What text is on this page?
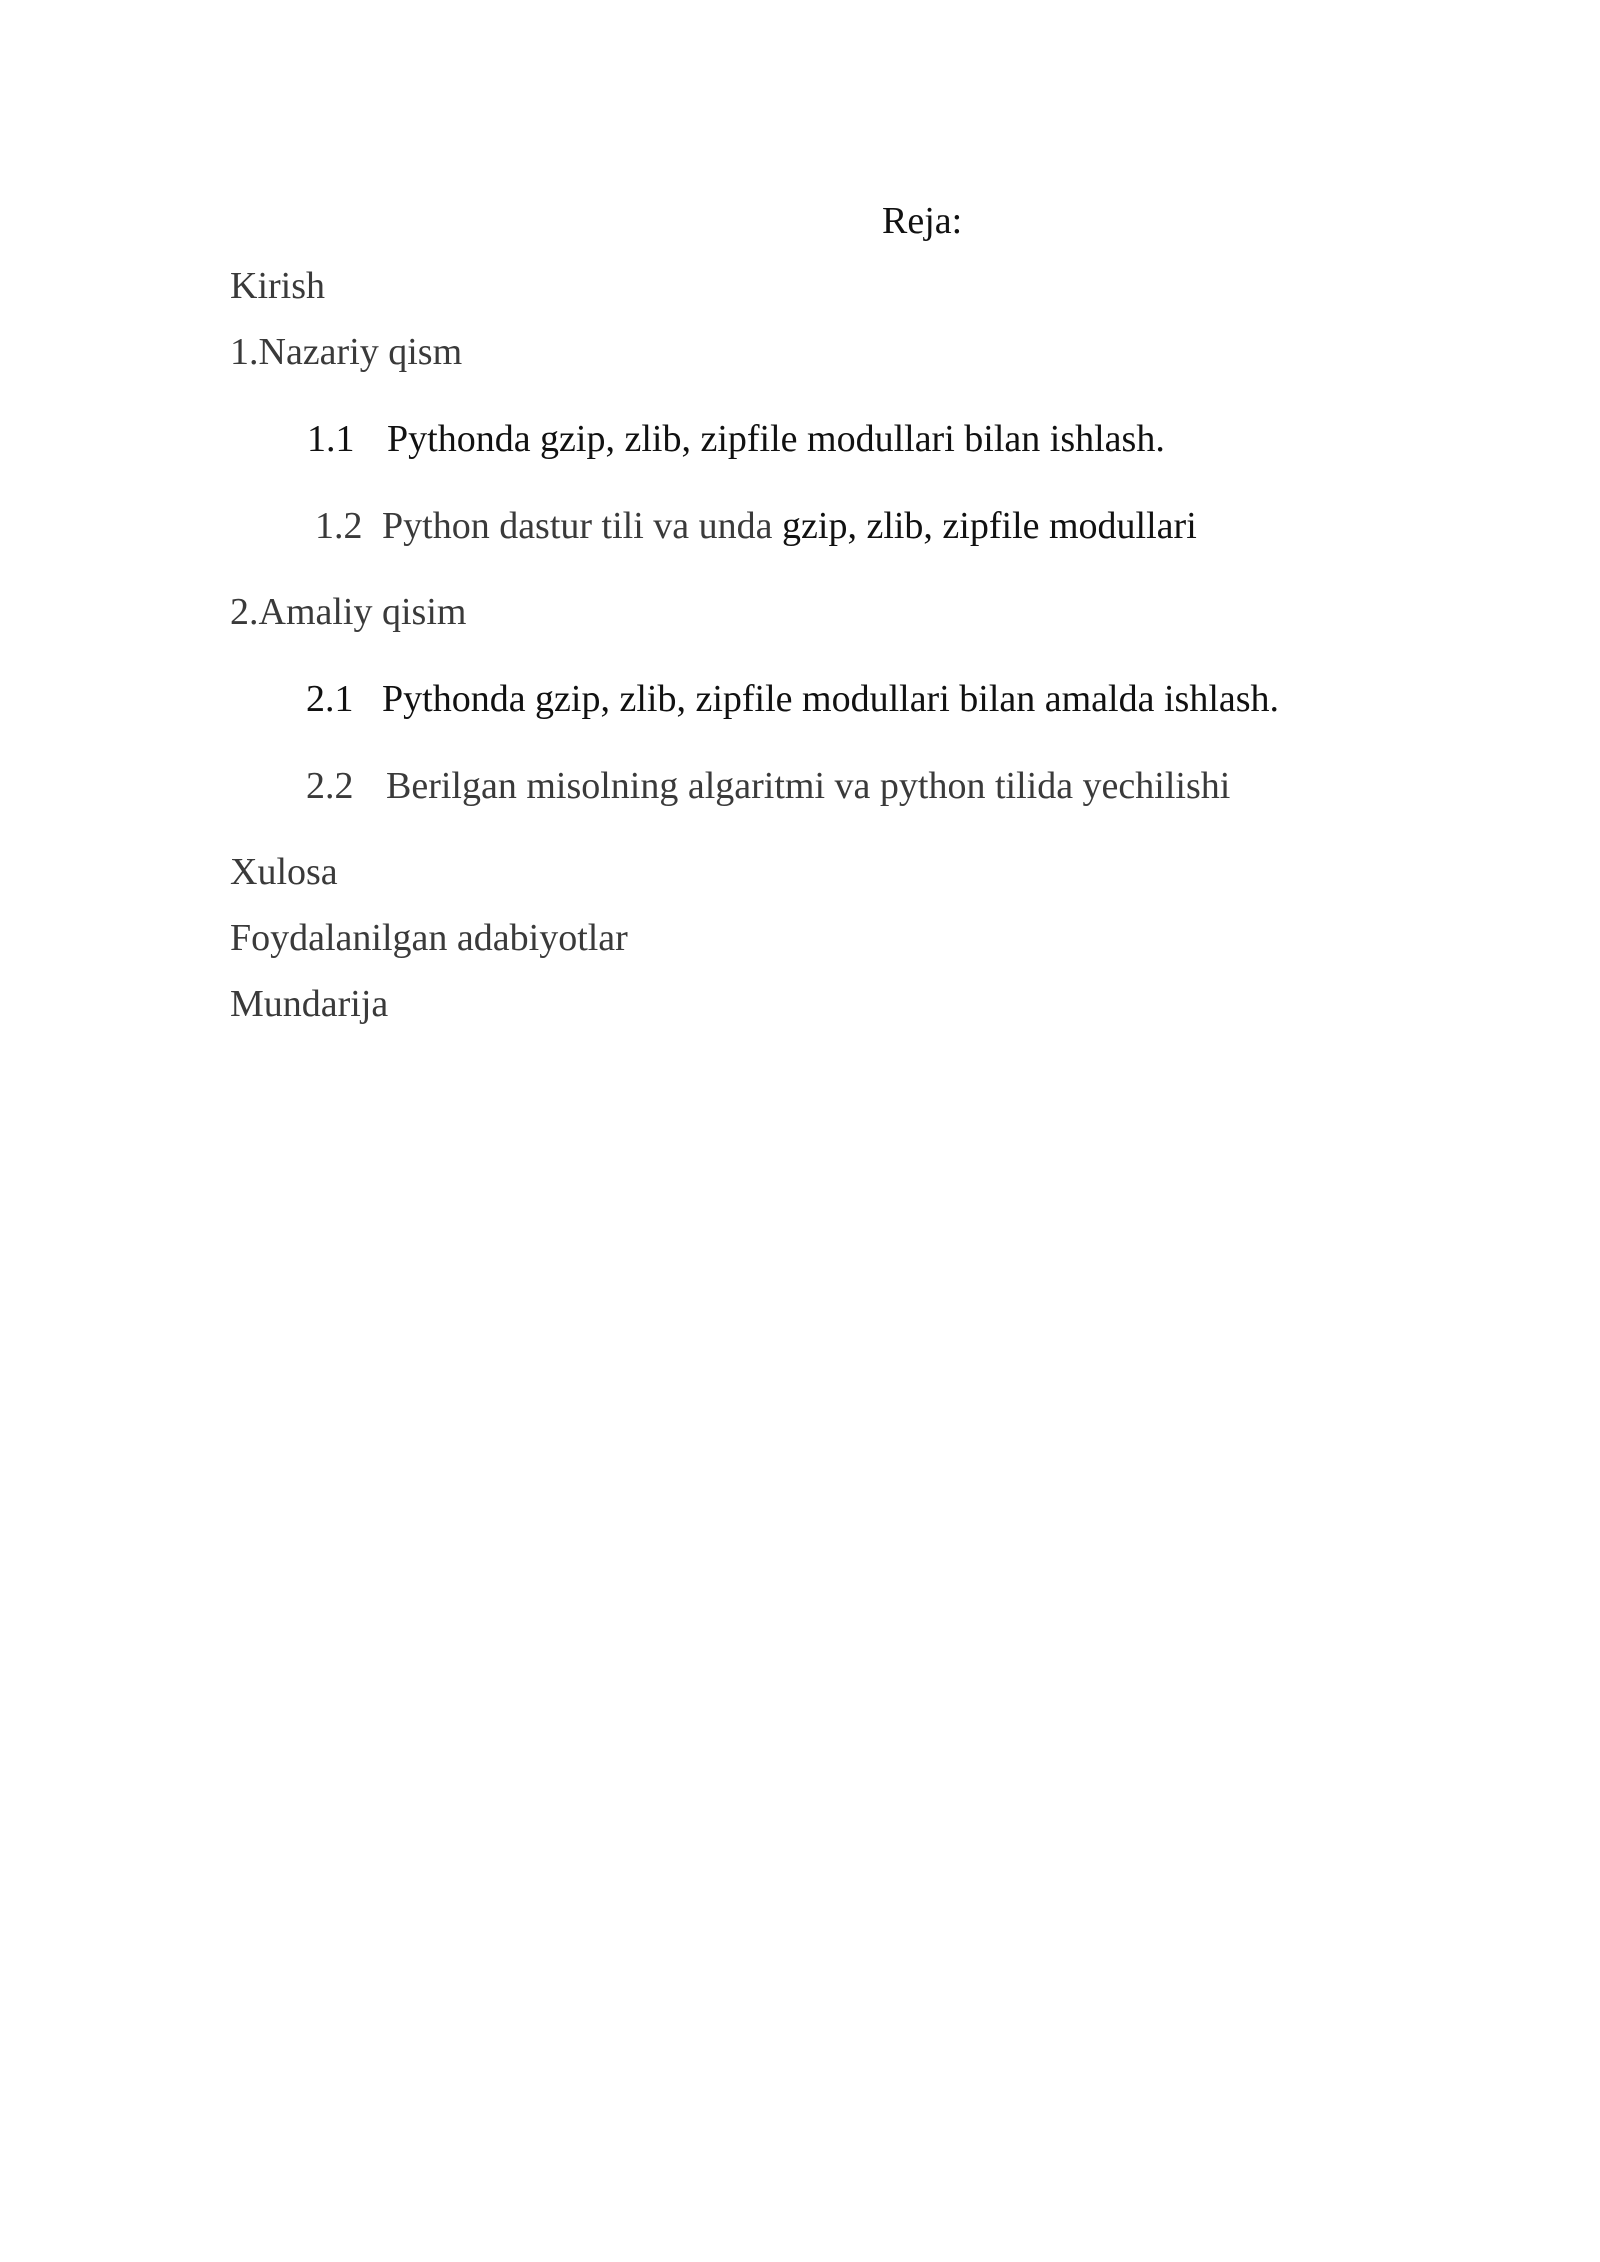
Reja:
Kirish
1.Nazariy qism
1.1 Pythonda gzip, zlib, zipfile modullari bilan ishlash.
1.2 Python dastur tili va unda gzip, zlib, zipfile modullari
2.Amaliy qisim
2.1 Pythonda gzip, zlib, zipfile modullari bilan amalda ishlash.
2.2 Berilgan misolning algaritmi va python tilida yechilishi
Xulosa
Foydalanilgan adabiyotlar
Mundarija
